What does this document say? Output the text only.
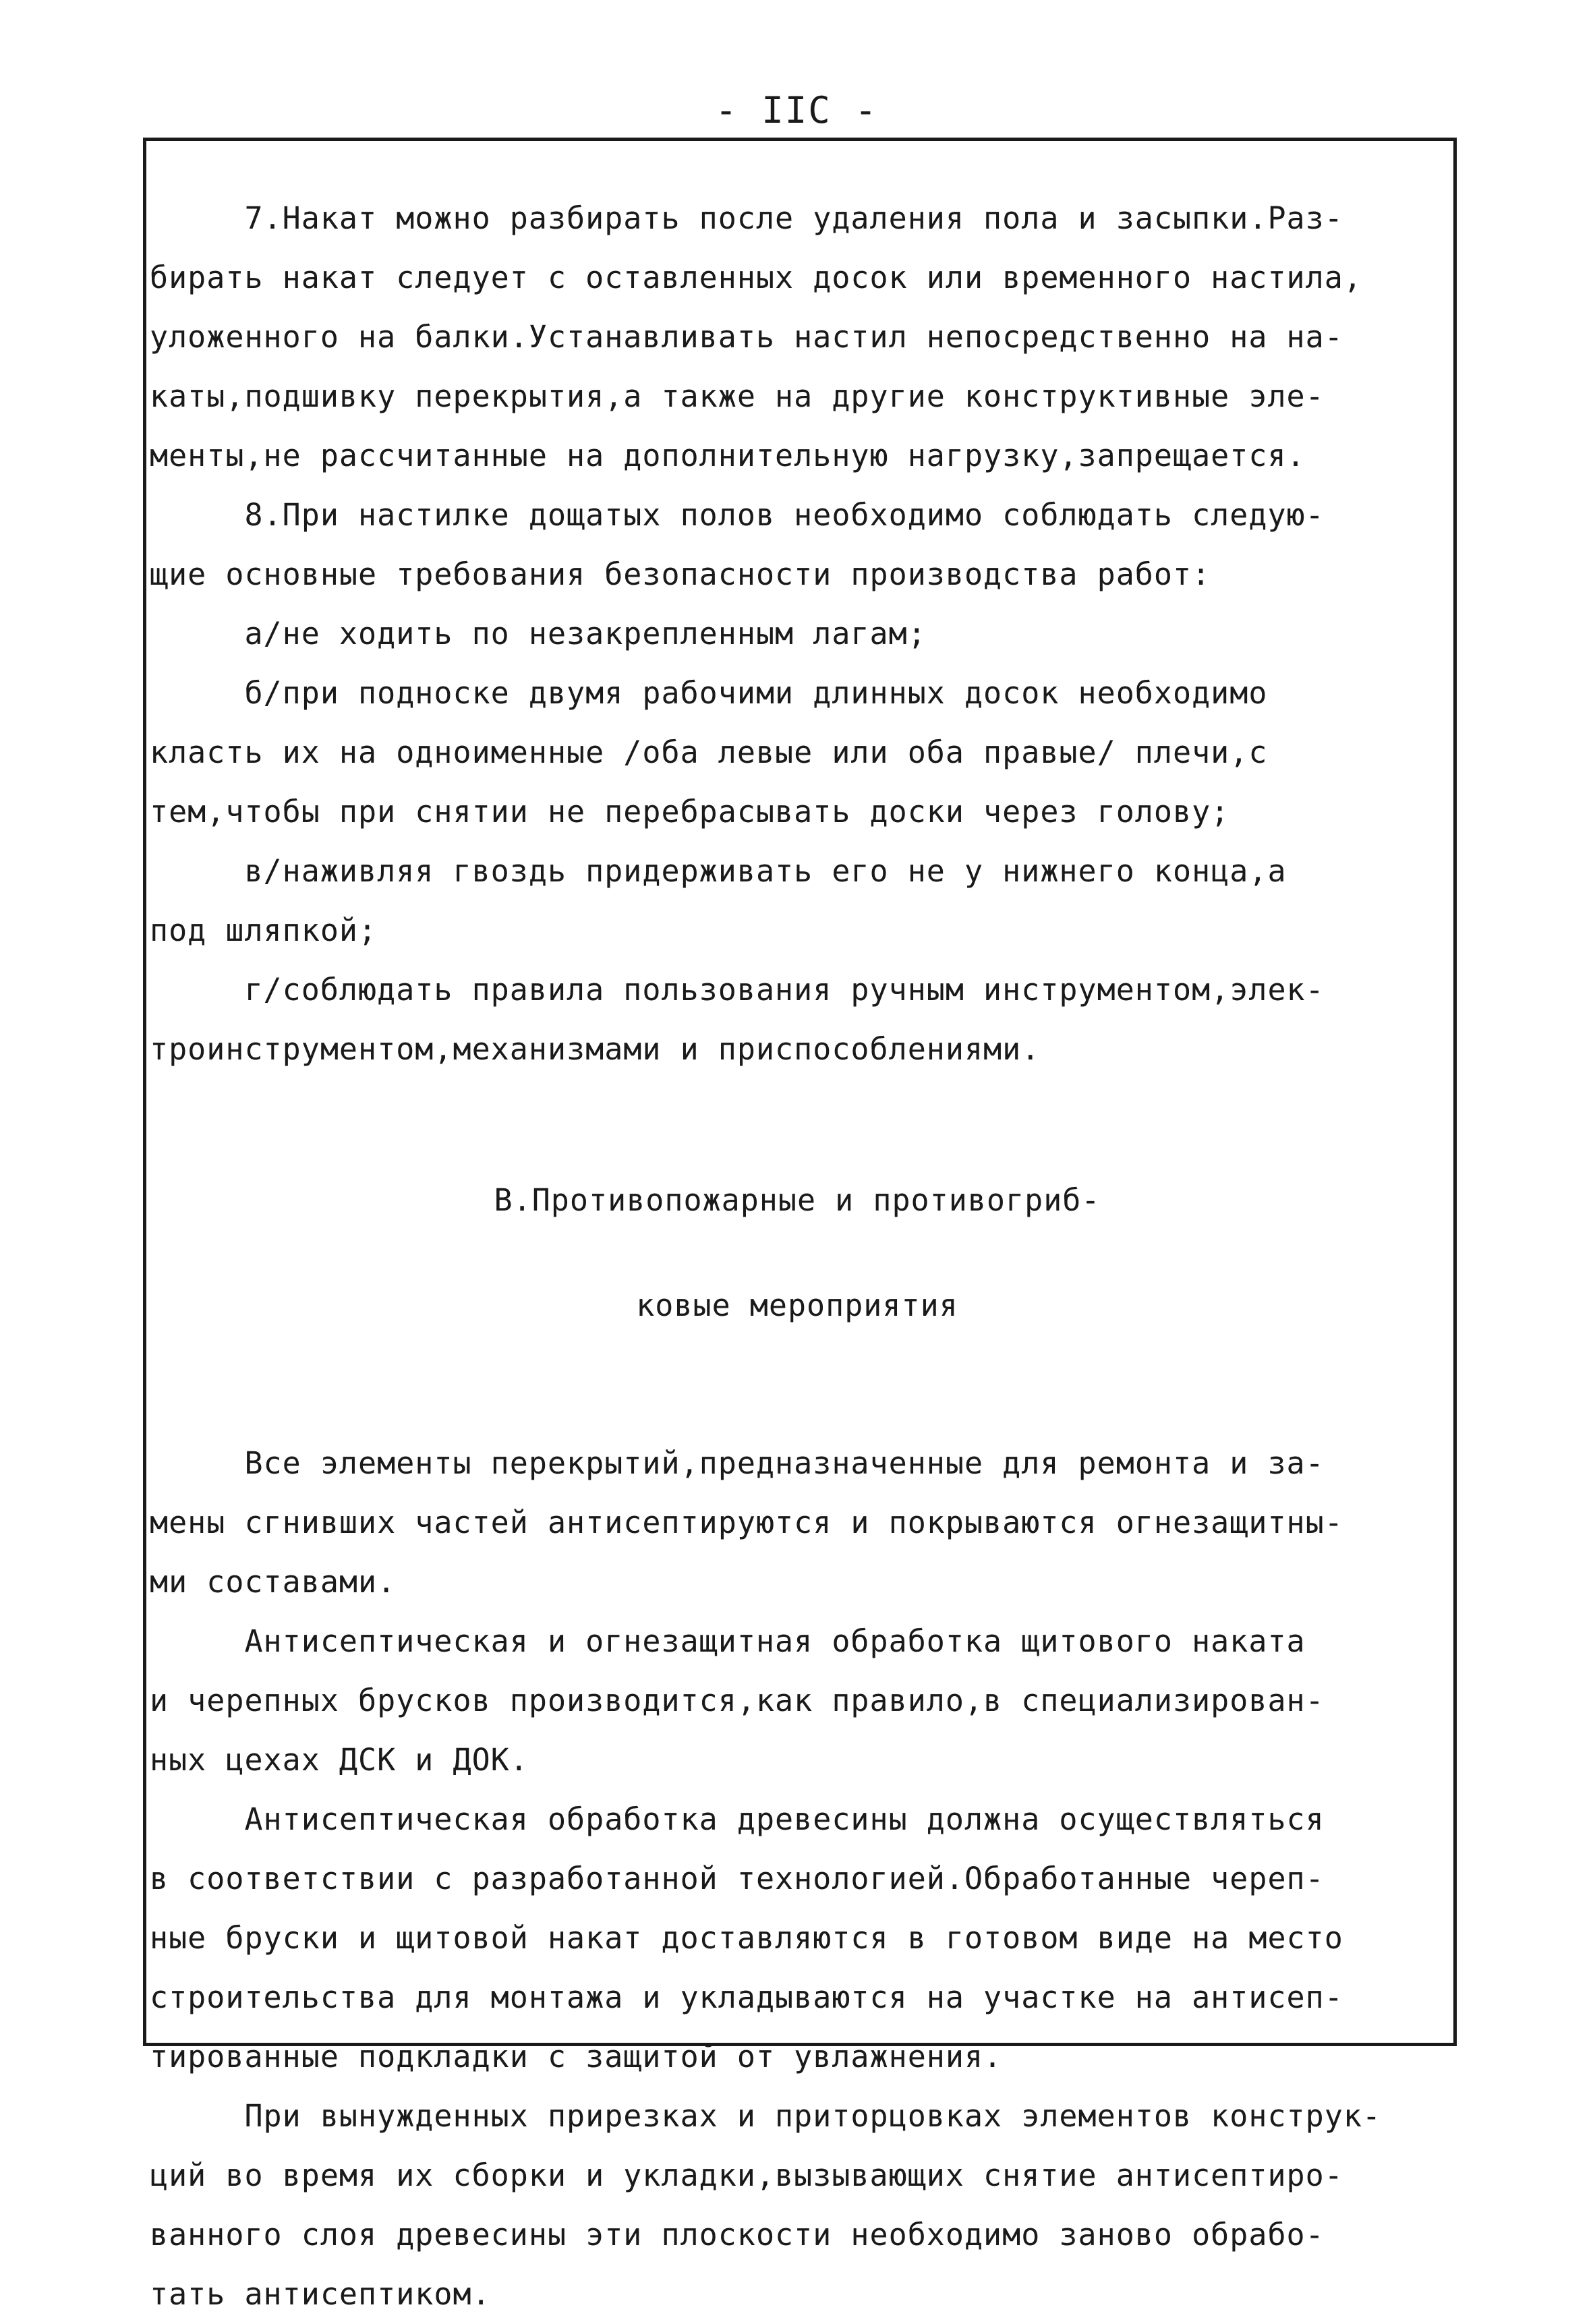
- IIC -
7.Накат можно разбирать после удаления пола и засыпки.Раз-
бирать накат следует с оставленных досок или временного настила,
уложенного на балки.Устанавливать настил непосредственно на на-
каты,подшивку перекрытия,а также на другие конструктивные эле-
менты,не рассчитанные на дополнительную нагрузку,запрещается.
8.При настилке дощатых полов необходимо соблюдать следую-
щие основные требования безопасности производства работ:
а/не ходить по незакрепленным лагам;
б/при подноске двумя рабочими длинных досок необходимо
класть их на одноименные /оба левые или оба правые/ плечи,с
тем,чтобы при снятии не перебрасывать доски через голову;
в/наживляя гвоздь придерживать его не у нижнего конца,а
под шляпкой;
г/соблюдать правила пользования ручным инструментом,элек-
троинструментом,механизмами и приспособлениями.

В.Противопожарные и противогриб-

ковые мероприятия

Все элементы перекрытий,предназначенные для ремонта и за-
мены сгнивших частей антисептируются и покрываются огнезащитны-
ми составами.
Антисептическая и огнезащитная обработка щитового наката
и черепных брусков производится,как правило,в специализирован-
ных цехах ДСК и ДОК.
Антисептическая обработка древесины должна осуществляться
в соответствии с разработанной технологией.Обработанные череп-
ные бруски и щитовой накат доставляются в готовом виде на место
строительства для монтажа и укладываются на участке на антисеп-
тированные подкладки с защитой от увлажнения.
При вынужденных прирезках и приторцовках элементов конструк-
ций во время их сборки и укладки,вызывающих снятие антисептиро-
ванного слоя древесины эти плоскости необходимо заново обрабо-
тать антисептиком.
